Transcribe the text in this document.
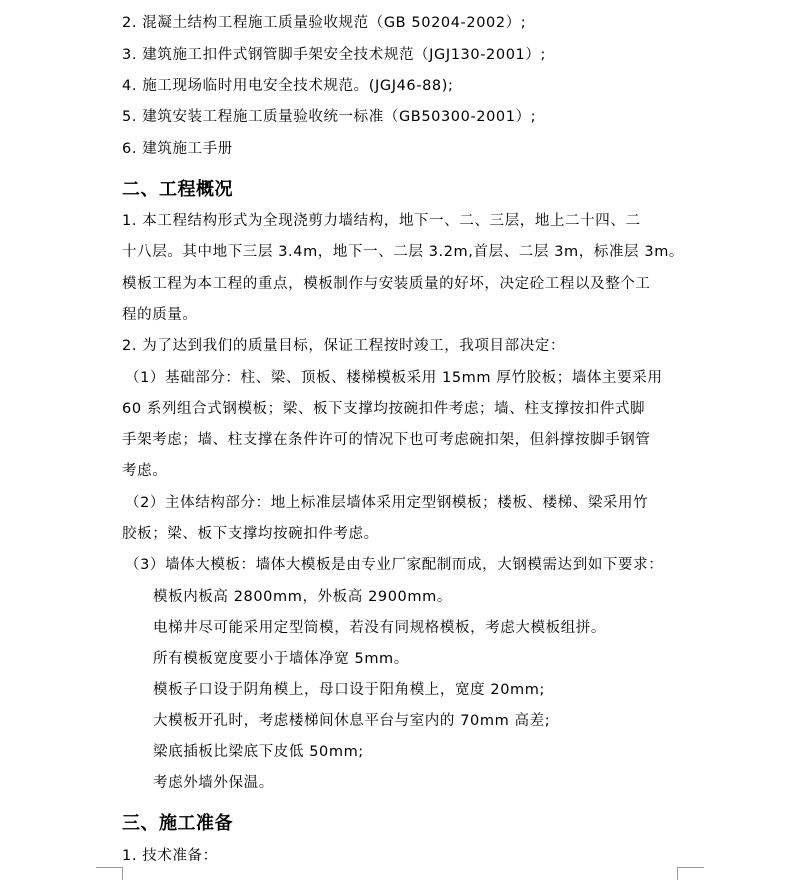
2. 混凝土结构工程施工质量验收规范（GB 50204-2002）;
3. 建筑施工扣件式钢管脚手架安全技术规范（JGJ130-2001）;
4. 施工现场临时用电安全技术规范。(JGJ46-88);
5. 建筑安装工程施工质量验收统一标准（GB50300-2001）;
6. 建筑施工手册
二、工程概况
1. 本工程结构形式为全现浇剪力墙结构，地下一、二、三层，地上二十四、二
十八层。其中地下三层 3.4m，地下一、二层 3.2m,首层、二层 3m，标准层 3m。
模板工程为本工程的重点，模板制作与安装质量的好坏，决定砼工程以及整个工
程的质量。
2. 为了达到我们的质量目标，保证工程按时竣工，我项目部决定：
（1）基础部分：柱、梁、顶板、楼梯模板采用 15mm 厚竹胶板；墙体主要采用
60 系列组合式钢模板；梁、板下支撑均按碗扣件考虑；墙、柱支撑按扣件式脚
手架考虑；墙、柱支撑在条件许可的情况下也可考虑碗扣架，但斜撑按脚手钢管
考虑。
（2）主体结构部分：地上标准层墙体采用定型钢模板；楼板、楼梯、梁采用竹
胶板；梁、板下支撑均按碗扣件考虑。
（3）墙体大模板：墙体大模板是由专业厂家配制而成，大钢模需达到如下要求：
模板内板高 2800mm，外板高 2900mm。
电梯井尽可能采用定型筒模，若没有同规格模板，考虑大模板组拼。
所有模板宽度要小于墙体净宽 5mm。
模板子口设于阴角模上，母口设于阳角模上，宽度 20mm;
大模板开孔时，考虑楼梯间休息平台与室内的 70mm 高差;
梁底插板比梁底下皮低 50mm;
考虑外墙外保温。
三、施工准备
1. 技术准备：
